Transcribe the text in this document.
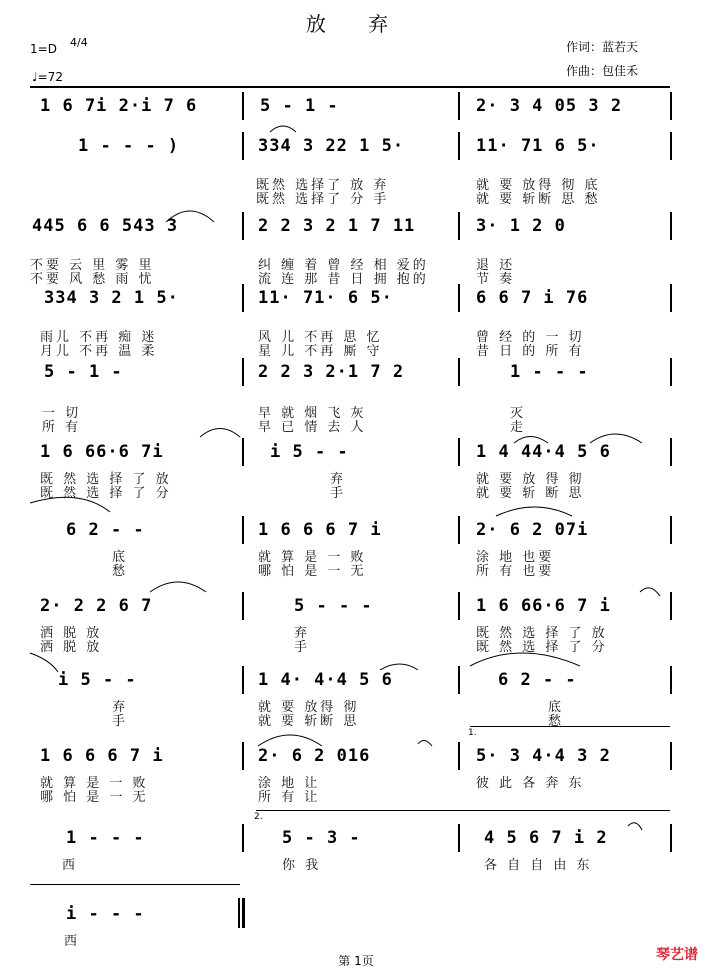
放 弃
1=D 4/4
♩=72
作词：蓝若天
作曲：包佳禾
1.
2.
1 6 7i 2·i 7 6	5 - 1 -	2· 3 4 05 3 2
1 - - - )	334 3 22 1 5·	11· 71 6 5·
既然 选择了 放 弃	就 要 放得 彻 底
既然 选择了 分 手	就 要 斩断 思 愁
445 6 6 543 3	2 2 3 2 1 7 11	3· 1 2 0
不要 云 里 雾 里	纠 缠 着 曾 经 相 爱的	退 还
不要 风 愁 雨 忧	流 连 那 昔 日 拥 抱的	节 奏
334 3 2 1 5·	11· 71· 6 5·	6 6 7 i 76
雨儿 不再 痴 迷	风 儿 不再 思 忆	曾 经 的 一 切
月儿 不再 温 柔	星 儿 不再 厮 守	昔 日 的 所 有
5 - 1 -	2 2 3 2·1 7 2	1 - - -
一 切	早 就 烟 飞 灰	灭
所 有	早 已 情 去 人	走
1 6 66·6 7i	i 5 - -	1 4 44·4 5 6
既 然 选 择 了 放	弃	就 要 放 得 彻
既 然 选 择 了 分	手	就 要 斩 断 思
6 2 - -	1 6 6 6 7 i	2· 6 2 07i
底	就 算 是 一 败	涂 地 也要
愁	哪 怕 是 一 无	所 有 也要
2· 2 2 6 7	5 - - -	1 6 66·6 7 i
洒 脱 放	弃	既 然 选 择 了 放
洒 脱 放	手	既 然 选 择 了 分
i 5 - -	1 4· 4·4 5 6	6 2 - -
弃	就 要 放得 彻	底
手	就 要 斩断 思	愁
1 6 6 6 7 i	2· 6 2 016	5· 3 4·4 3 2
就 算 是 一 败	涂 地 让	彼 此 各 奔 东
哪 怕 是 一 无	所 有 让
1 - - -	5 - 3 -	4 5 6 7 i 2
西	你 我	各 自 自 由 东
i - - -
西
第 1页	琴艺谱
